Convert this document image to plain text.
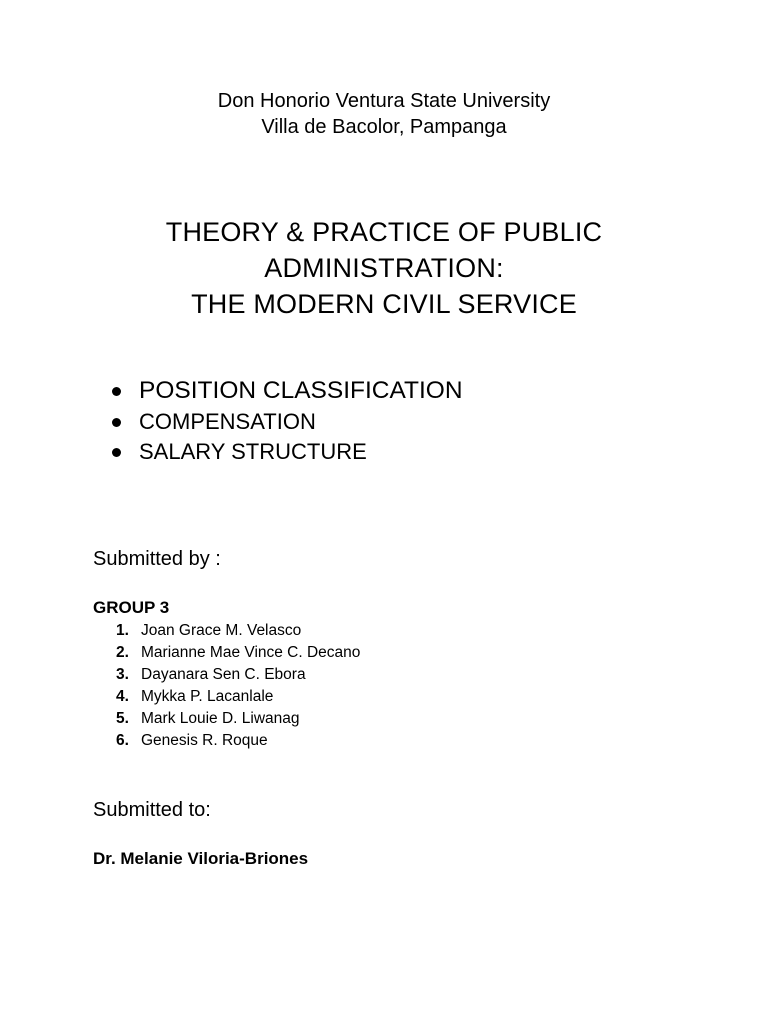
Don Honorio Ventura State University
Villa de Bacolor, Pampanga
THEORY & PRACTICE OF PUBLIC
ADMINISTRATION:
THE MODERN CIVIL SERVICE
POSITION CLASSIFICATION
COMPENSATION
SALARY STRUCTURE
Submitted by :
GROUP 3
1. Joan Grace M. Velasco
2. Marianne Mae Vince C. Decano
3. Dayanara Sen C. Ebora
4. Mykka P. Lacanlale
5. Mark Louie D. Liwanag
6. Genesis R. Roque
Submitted to:
Dr. Melanie Viloria-Briones
